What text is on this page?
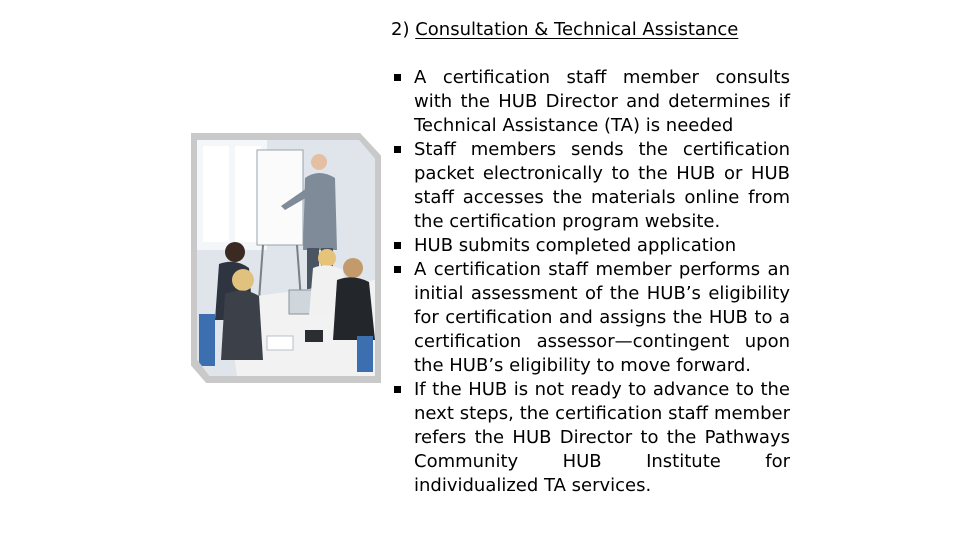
2) Consultation & Technical Assistance
A certification staff member consults with the HUB Director and determines if Technical Assistance (TA) is needed
Staff members sends the certification packet electronically to the HUB or HUB staff accesses the materials online from the certification program website.
HUB submits completed application
A certification staff member performs an initial assessment of the HUB’s eligibility for certification and assigns the HUB to a certification assessor—contingent upon the HUB’s eligibility to move forward.
If the HUB is not ready to advance to the next steps, the certification staff member refers the HUB Director to the Pathways Community HUB Institute for individualized TA services.
